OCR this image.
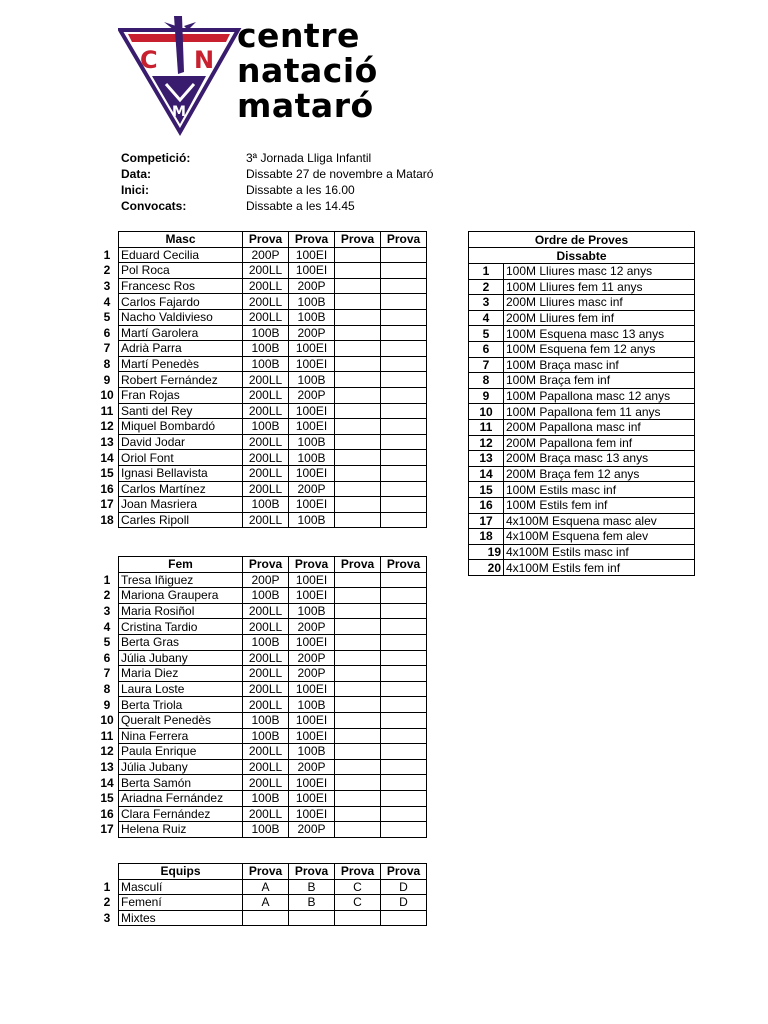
C N
M
centre
natació
mataró
Competició:	3ª Jornada Lliga Infantil
Data:	Dissabte 27 de novembre a Mataró
Inici:	Dissabte a les 16.00
Convocats:	Dissabte a les 14.45
	Masc	Prova	Prova	Prova	Prova
1	Eduard Cecilia	200P	100EI		
2	Pol Roca	200LL	100EI		
3	Francesc Ros	200LL	200P		
4	Carlos Fajardo	200LL	100B		
5	Nacho Valdivieso	200LL	100B		
6	Martí Garolera	100B	200P		
7	Adrià Parra	100B	100EI		
8	Martí Penedès	100B	100EI		
9	Robert Fernández	200LL	100B		
10	Fran Rojas	200LL	200P		
11	Santi del Rey	200LL	100EI		
12	Miquel Bombardó	100B	100EI		
13	David Jodar	200LL	100B		
14	Oriol Font	200LL	100B		
15	Ignasi Bellavista	200LL	100EI		
16	Carlos Martínez	200LL	200P		
17	Joan Masriera	100B	100EI		
18	Carles Ripoll	200LL	100B		
	Fem	Prova	Prova	Prova	Prova
1	Tresa Iñiguez	200P	100EI		
2	Mariona Graupera	100B	100EI		
3	Maria Rosiñol	200LL	100B		
4	Cristina Tardio	200LL	200P		
5	Berta Gras	100B	100EI		
6	Júlia Jubany	200LL	200P		
7	Maria Diez	200LL	200P		
8	Laura Loste	200LL	100EI		
9	Berta Triola	200LL	100B		
10	Queralt Penedès	100B	100EI		
11	Nina Ferrera	100B	100EI		
12	Paula Enrique	200LL	100B		
13	Júlia Jubany	200LL	200P		
14	Berta Samón	200LL	100EI		
15	Ariadna Fernández	100B	100EI		
16	Clara Fernández	200LL	100EI		
17	Helena Ruiz	100B	200P		
	Equips	Prova	Prova	Prova	Prova
1	Masculí	A	B	C	D
2	Femení	A	B	C	D
3	Mixtes				
Ordre de Proves	
Dissabte	
1	100M Lliures masc 12 anys
2	100M Lliures fem 11 anys
3	200M Lliures masc inf
4	200M Lliures fem inf
5	100M Esquena masc 13 anys
6	100M Esquena fem 12 anys
7	100M Braça masc inf
8	100M Braça fem inf
9	100M Papallona masc 12 anys
10	100M Papallona fem 11 anys
11	200M Papallona masc inf
12	200M Papallona fem inf
13	200M Braça masc 13 anys
14	200M Braça fem 12 anys
15	100M Estils masc inf
16	100M Estils fem inf
17	4x100M Esquena masc alev
18	4x100M Esquena fem alev
19	4x100M Estils masc inf
20	4x100M Estils fem inf
